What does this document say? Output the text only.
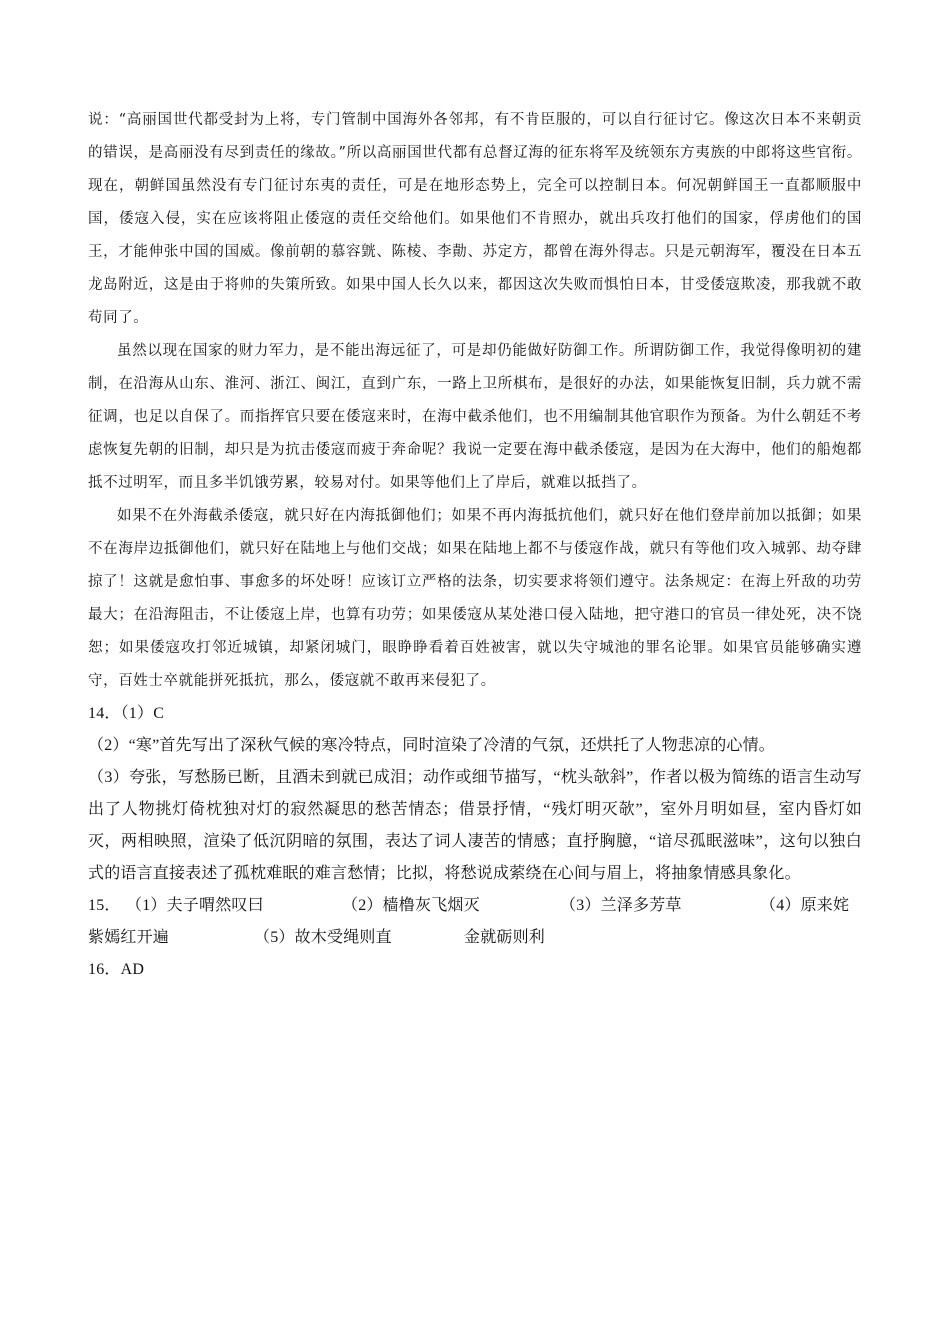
说：“高丽国世代都受封为上将，专门管制中国海外各邻邦，有不肯臣服的，可以自行征讨它。像这次日本不来朝贡的错误，是高丽没有尽到责任的缘故。”所以高丽国世代都有总督辽海的征东将军及统领东方夷族的中郎将这些官衔。现在，朝鲜国虽然没有专门征讨东夷的责任，可是在地形态势上，完全可以控制日本。何况朝鲜国王一直都顺服中国，倭寇入侵，实在应该将阻止倭寇的责任交给他们。如果他们不肯照办，就出兵攻打他们的国家，俘虏他们的国王，才能伸张中国的国威。像前朝的慕容皝、陈棱、李勣、苏定方，都曾在海外得志。只是元朝海军，覆没在日本五龙岛附近，这是由于将帅的失策所致。如果中国人长久以来，都因这次失败而惧怕日本，甘受倭寇欺凌，那我就不敢苟同了。

虽然以现在国家的财力军力，是不能出海远征了，可是却仍能做好防御工作。所谓防御工作，我觉得像明初的建制，在沿海从山东、淮河、浙江、闽江，直到广东，一路上卫所棋布，是很好的办法，如果能恢复旧制，兵力就不需征调，也足以自保了。而指挥官只要在倭寇来时，在海中截杀他们，也不用编制其他官职作为预备。为什么朝廷不考虑恢复先朝的旧制，却只是为抗击倭寇而疲于奔命呢？我说一定要在海中截杀倭寇，是因为在大海中，他们的船炮都抵不过明军，而且多半饥饿劳累，较易对付。如果等他们上了岸后，就难以抵挡了。

如果不在外海截杀倭寇，就只好在内海抵御他们；如果不再内海抵抗他们，就只好在他们登岸前加以抵御；如果不在海岸边抵御他们，就只好在陆地上与他们交战；如果在陆地上都不与倭寇作战，就只有等他们攻入城郭、劫夺肆掠了！这就是愈怕事、事愈多的坏处呀！应该订立严格的法条，切实要求将领们遵守。法条规定：在海上歼敌的功劳最大；在沿海阻击，不让倭寇上岸，也算有功劳；如果倭寇从某处港口侵入陆地，把守港口的官员一律处死，决不饶恕；如果倭寇攻打邻近城镇，却紧闭城门，眼睁睁看着百姓被害，就以失守城池的罪名论罪。如果官员能够确实遵守，百姓士卒就能拼死抵抗，那么，倭寇就不敢再来侵犯了。

14．（1）C

（2）“寒”首先写出了深秋气候的寒冷特点，同时渲染了冷清的气氛，还烘托了人物悲凉的心情。

（3）夸张，写愁肠已断，且酒未到就已成泪；动作或细节描写，“枕头欹斜”，作者以极为简练的语言生动写出了人物挑灯倚枕独对灯的寂然凝思的愁苦情态；借景抒情，“残灯明灭欹”，室外月明如昼，室内昏灯如灭，两相映照，渲染了低沉阴暗的氛围，表达了词人凄苦的情感；直抒胸臆，“谙尽孤眠滋味”，这句以独白式的语言直接表述了孤枕难眠的难言愁情；比拟，将愁说成萦绕在心间与眉上，将抽象情感具象化。

15． （1）夫子喟然叹曰	（2）樯橹灰飞烟灭	（3）兰泽多芳草	（4）原来姹
紫嫣红开遍	（5）故木受绳则直	金就砺则利

16．AD
